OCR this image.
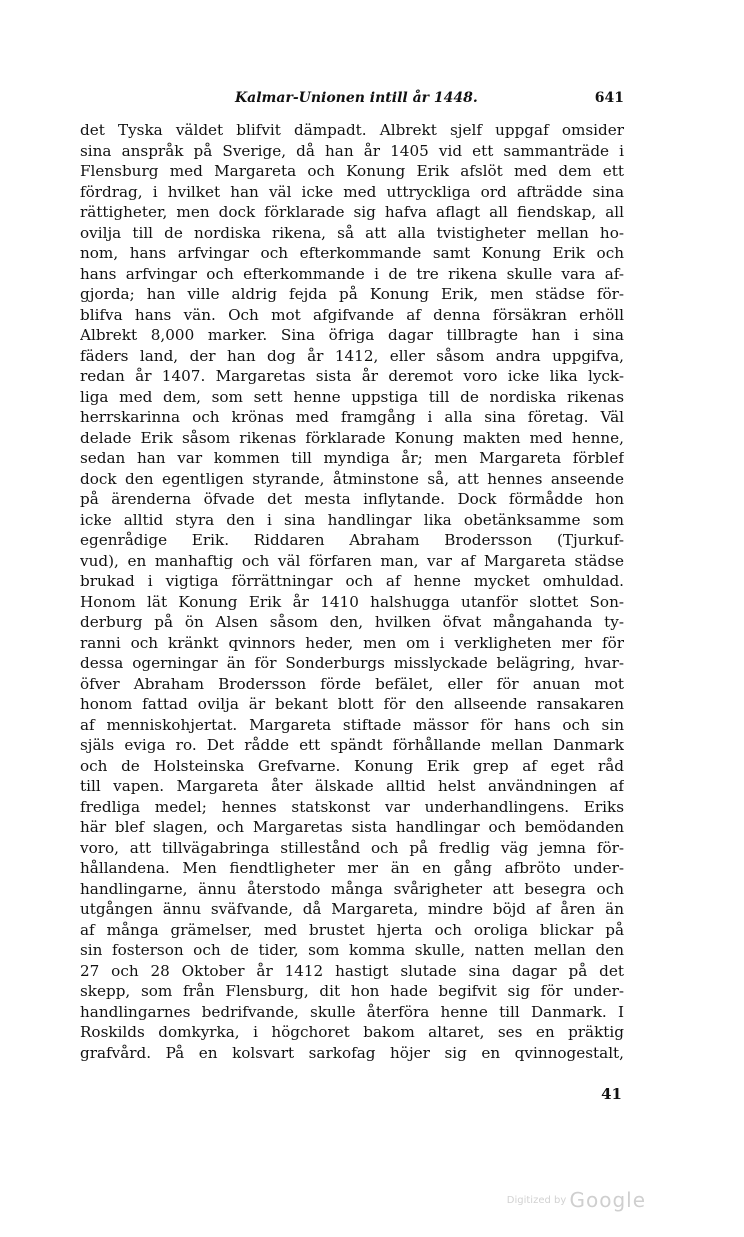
Kalmar-Unionen intill år 1448.	641
det Tyska väldet blifvit dämpadt. Albrekt sjelf uppgaf omsider
sina anspråk på Sverige, då han år 1405 vid ett sammanträde i
Flensburg med Margareta och Konung Erik afslöt med dem ett
fördrag, i hvilket han väl icke med uttryckliga ord afträdde sina
rättigheter, men dock förklarade sig hafva aflagt all fiendskap, all
ovilja till de nordiska rikena, så att alla tvistigheter mellan ho-
nom, hans arfvingar och efterkommande samt Konung Erik och
hans arfvingar och efterkommande i de tre rikena skulle vara af-
gjorda; han ville aldrig fejda på Konung Erik, men städse för-
blifva hans vän. Och mot afgifvande af denna försäkran erhöll
Albrekt 8,000 marker. Sina öfriga dagar tillbragte han i sina
fäders land, der han dog år 1412, eller såsom andra uppgifva,
redan år 1407. Margaretas sista år deremot voro icke lika lyck-
liga med dem, som sett henne uppstiga till de nordiska rikenas
herrskarinna och krönas med framgång i alla sina företag. Väl
delade Erik såsom rikenas förklarade Konung makten med henne,
sedan han var kommen till myndiga år; men Margareta förblef
dock den egentligen styrande, åtminstone så, att hennes anseende
på ärenderna öfvade det mesta inflytande. Dock förmådde hon
icke alltid styra den i sina handlingar lika obetänksamme som
egenrådige Erik. Riddaren Abraham Brodersson (Tjurkuf-
vud), en manhaftig och väl förfaren man, var af Margareta städse
brukad i vigtiga förrättningar och af henne mycket omhuldad.
Honom lät Konung Erik år 1410 halshugga utanför slottet Son-
derburg på ön Alsen såsom den, hvilken öfvat mångahanda ty-
ranni och kränkt qvinnors heder, men om i verkligheten mer för
dessa ogerningar än för Sonderburgs misslyckade belägring, hvar-
öfver Abraham Brodersson förde befälet, eller för anuan mot
honom fattad ovilja är bekant blott för den allseende ransakaren
af menniskohjertat. Margareta stiftade mässor för hans och sin
själs eviga ro. Det rådde ett spändt förhållande mellan Danmark
och de Holsteinska Grefvarne. Konung Erik grep af eget råd
till vapen. Margareta åter älskade alltid helst användningen af
fredliga medel; hennes statskonst var underhandlingens. Eriks
här blef slagen, och Margaretas sista handlingar och bemödanden
voro, att tillvägabringa stillestånd och på fredlig väg jemna för-
hållandena. Men fiendtligheter mer än en gång afbröto under-
handlingarne, ännu återstodo många svårigheter att besegra och
utgången ännu sväfvande, då Margareta, mindre böjd af åren än
af många grämelser, med brustet hjerta och oroliga blickar på
sin fosterson och de tider, som komma skulle, natten mellan den
27 och 28 Oktober år 1412 hastigt slutade sina dagar på det
skepp, som från Flensburg, dit hon hade begifvit sig för under-
handlingarnes bedrifvande, skulle återföra henne till Danmark. I
Roskilds domkyrka, i högchoret bakom altaret, ses en präktig
grafvård. På en kolsvart sarkofag höjer sig en qvinnogestalt,
41
Digitized by Google
